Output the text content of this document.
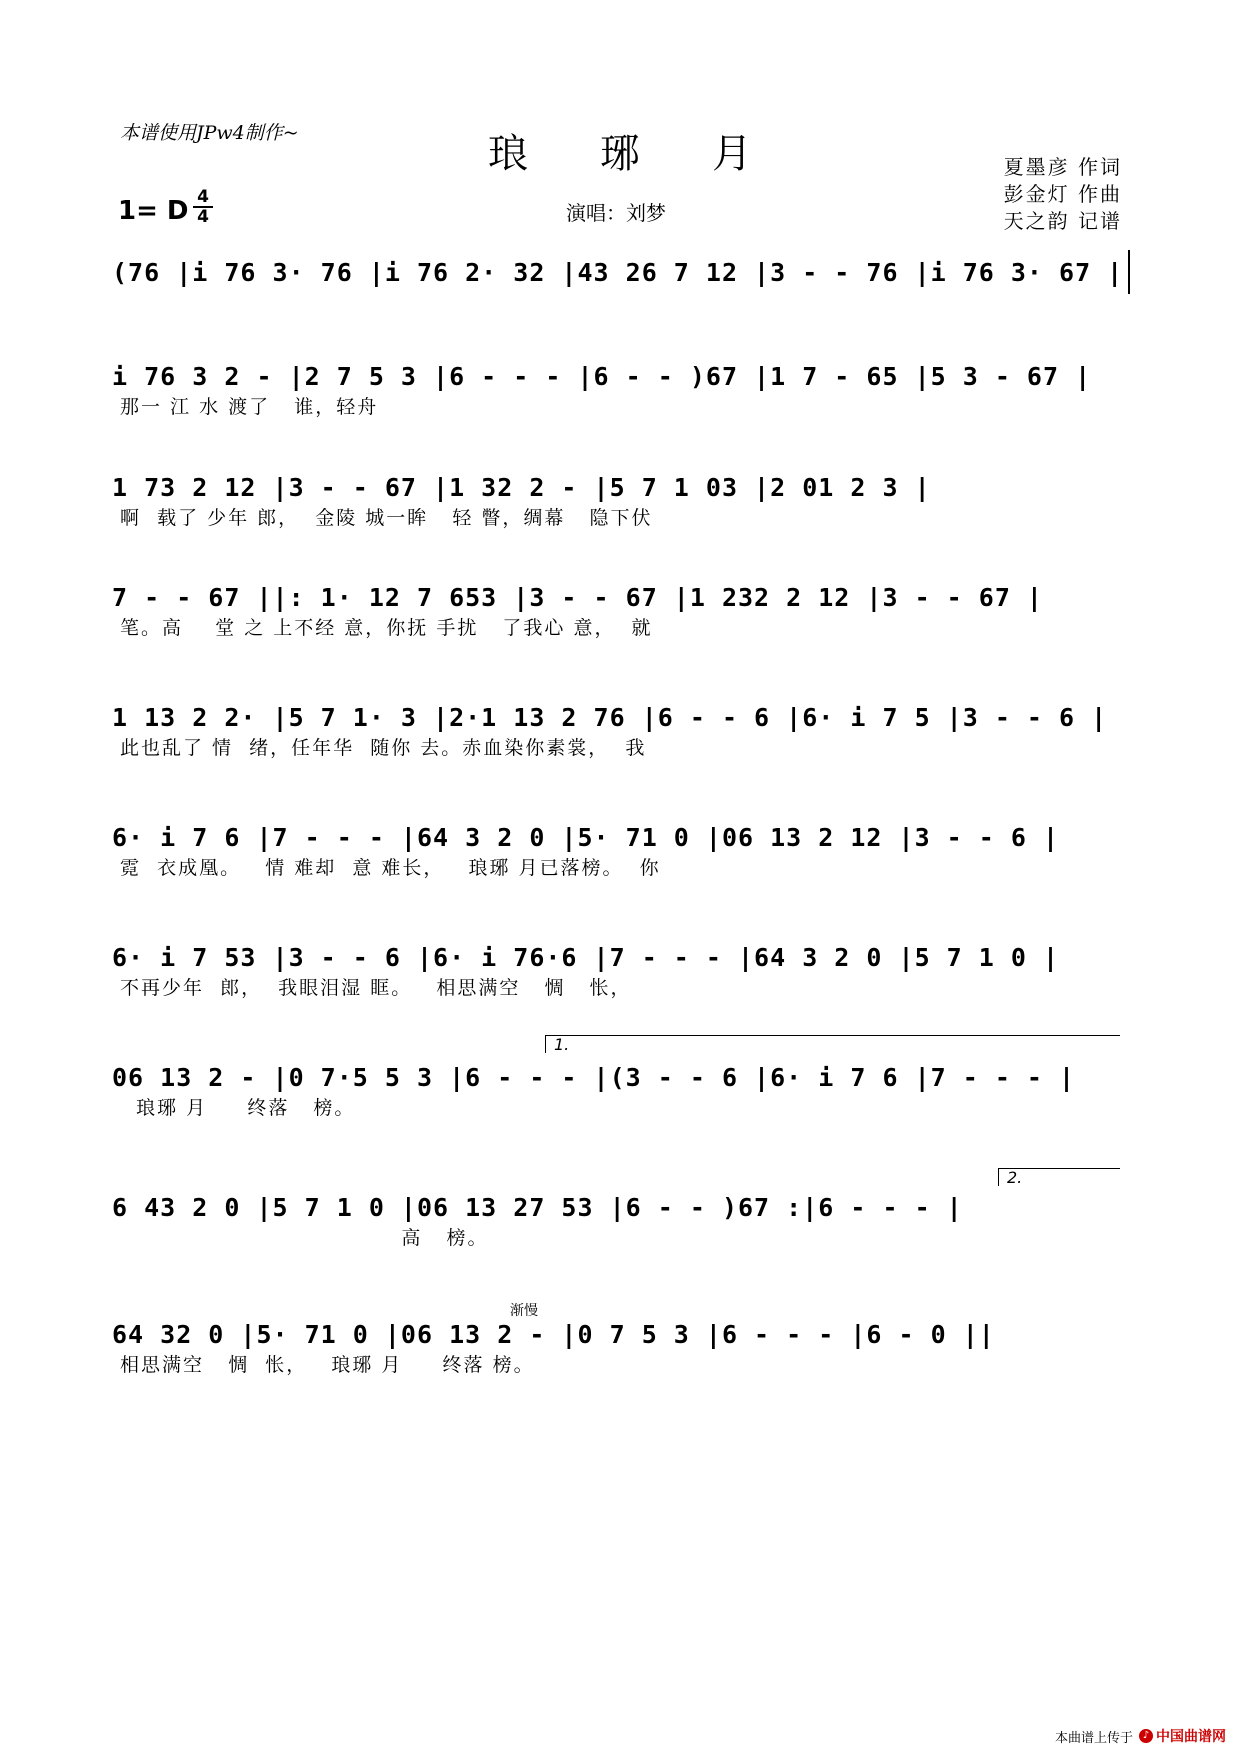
本谱使用JPw4制作~	琅琊月	夏墨彦 作词
彭金灯 作曲
天之韵 记谱
1= D 4
4	演唱：刘梦
(76 |i 76 3· 76 |i 76 2· 32 |43 26 7 12 |3 - - 76 |i 76 3· 67 |
i 76 3 2 - |2 7 5 3 |6 - - - |6 - - )67 |1 7 - 65 |5 3 - 67 |
那一 江 水 渡了   谁，轻舟
1 73 2 12 |3 - - 67 |1 32 2 - |5 7 1 03 |2 01 2 3 |
啊  载了 少年 郎，  金陵 城一眸   轻 瞥，绸幕   隐下伏
7 - - 67 ||: 1· 12 7 653 |3 - - 67 |1 232 2 12 |3 - - 67 |
笔。高    堂 之 上不经 意，你抚 手扰   了我心 意，  就
1 13 2 2· |5 7 1· 3 |2·1 13 2 76 |6 - - 6 |6· i 7 5 |3 - - 6 |
此也乱了 情  绪，任年华  随你 去。赤血染你素裳，  我
6· i 7 6 |7 - - - |64 3 2 0 |5· 71 0 |06 13 2 12 |3 - - 6 |
霓  衣成凰。   情 难却  意 难长，   琅琊 月已落榜。  你
6· i 7 53 |3 - - 6 |6· i 76·6 |7 - - - |64 3 2 0 |5 7 1 0 |
不再少年  郎，  我眼泪湿 眶。   相思满空   惆   怅，
1.
06 13 2 - |0 7·5 5 3 |6 - - - |(3 - - 6 |6· i 7 6 |7 - - - |
琅琊 月     终落   榜。
2.
6 43 2 0 |5 7 1 0 |06 13 27 53 |6 - - )67 :|6 - - - |
高   榜。
渐慢
64 32 0 |5· 71 0 |06 13 2 - |0 7 5 3 |6 - - - |6 - 0 ||
相思满空   惆  怅，   琅琊 月     终落 榜。
本曲谱上传于 ♪ 中国曲谱网
